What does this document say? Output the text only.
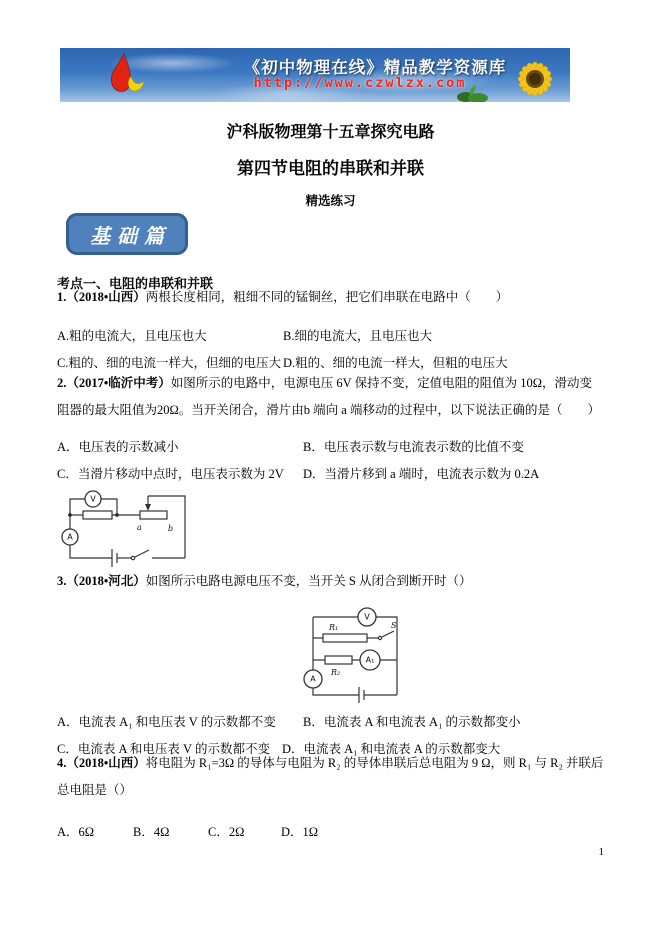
《初中物理在线》精品教学资源库
http://www.czwlzx.com
沪科版物理第十五章探究电路
第四节电阻的串联和并联
精选练习
基础篇
考点一、电阻的串联和并联

1.（2018•山西）两根长度相同，粗细不同的锰铜丝，把它们串联在电路中（　　）

A.粗的电流大，且电压也大	B.细的电流大，且电压也大
C.粗的、细的电流一样大，但细的电压大 D.粗的、细的电流一样大，但粗的电压大

2.（2017•临沂中考）如图所示的电路中，电源电压 6V 保持不变，定值电阻的阻值为 10Ω，滑动变阻器的最大阻值为20Ω。当开关闭合，滑片由b 端向 a 端移动的过程中，以下说法正确的是（　　）

A．电压表的示数减小	B．电压表示数与电流表示数的比值不变
C．当滑片移动中点时，电压表示数为 2V	D．当滑片移到 a 端时，电流表示数为 0.2A
V
a	b
A

3.（2018•河北）如图所示电路电源电压不变，当开关 S 从闭合到断开时（）

V
R₁	S
R₂
A₁
A
A．电流表 A₁ 和电压表 V 的示数都不变	B．电流表 A 和电流表 A₁ 的示数都变小
C．电流表 A 和电压表 V 的示数都不变 D．电流表 A₁ 和电流表 A 的示数都变大

4.（2018•山西）将电阻为 R₁=3Ω 的导体与电阻为 R₂ 的导体串联后总电阻为 9 Ω，则 R₁ 与 R₂ 并联后总电阻是（）

A．6Ω	B．4Ω	C．2Ω	D．1Ω
1
